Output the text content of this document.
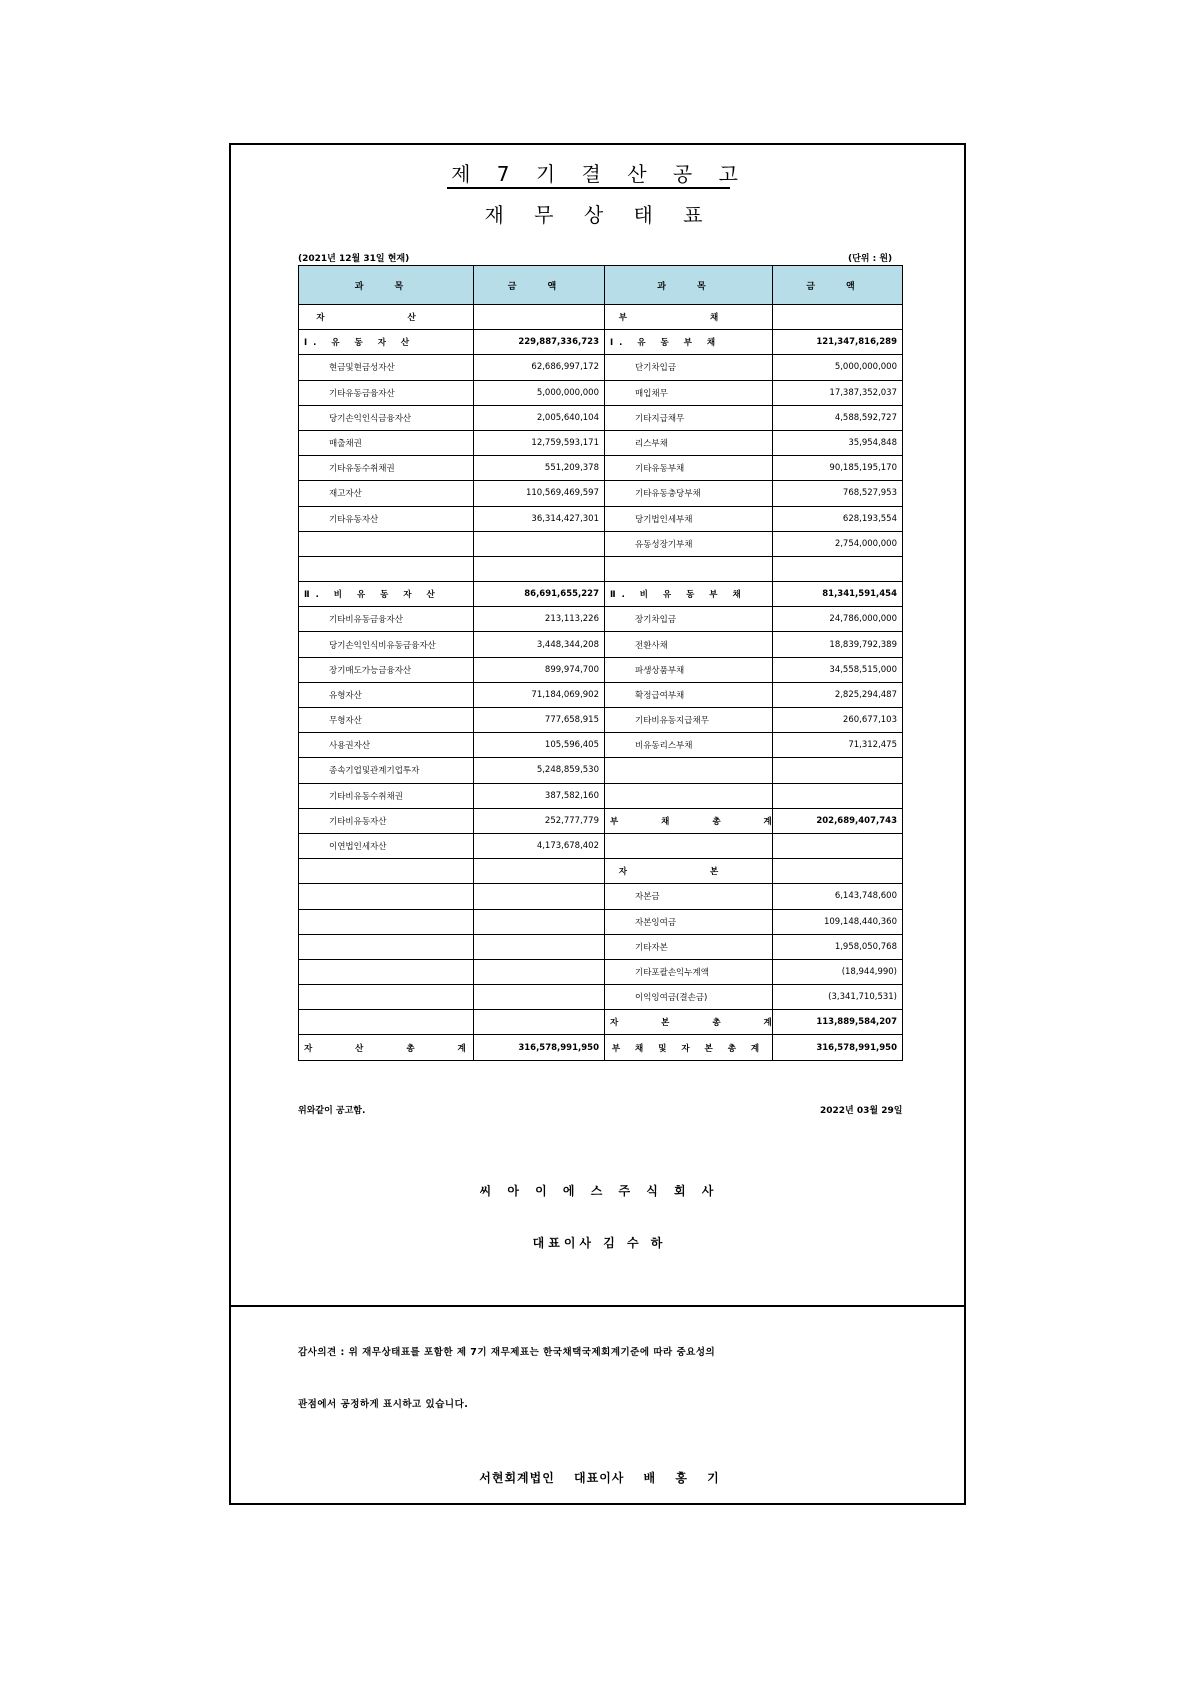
제 7 기 결 산 공 고
재 무 상 태 표
(2021년 12월 31일 현재)	(단위 : 원)
과 목	금 액	과 목	금 액
자 산		부 채	
Ⅰ. 유 동 자 산	229,887,336,723	Ⅰ. 유 동 부 채	121,347,816,289
현금및현금성자산	62,686,997,172	단기차입금	5,000,000,000
기타유동금융자산	5,000,000,000	매입채무	17,387,352,037
당기손익인식금융자산	2,005,640,104	기타지급채무	4,588,592,727
매출채권	12,759,593,171	리스부채	35,954,848
기타유동수취채권	551,209,378	기타유동부채	90,185,195,170
재고자산	110,569,469,597	기타유동충당부채	768,527,953
기타유동자산	36,314,427,301	당기법인세부채	628,193,554
		유동성장기부채	2,754,000,000

Ⅱ. 비 유 동 자 산	86,691,655,227	Ⅱ. 비 유 동 부 채	81,341,591,454
기타비유동금융자산	213,113,226	장기차입금	24,786,000,000
당기손익인식비유동금융자산	3,448,344,208	전환사채	18,839,792,389
장기매도가능금융자산	899,974,700	파생상품부채	34,558,515,000
유형자산	71,184,069,902	확정급여부채	2,825,294,487
무형자산	777,658,915	기타비유동지급채무	260,677,103
사용권자산	105,596,405	비유동리스부채	71,312,475
종속기업및관계기업투자	5,248,859,530		
기타비유동수취채권	387,582,160		
기타비유동자산	252,777,779	부 채 총 계	202,689,407,743
이연법인세자산	4,173,678,402		
		자 본	
		자본금	6,143,748,600
		자본잉여금	109,148,440,360
		기타자본	1,958,050,768
		기타포괄손익누계액	(18,944,990)
		이익잉여금(결손금)	(3,341,710,531)
		자 본 총 계	113,889,584,207
자 산 총 계	316,578,991,950	부 채 및 자 본 총 계	316,578,991,950
위와같이 공고함.	2022년 03월 29일
씨 아 이 에 스 주 식 회 사
대표이사 김 수 하
감사의견 : 위 재무상태표를 포함한 제 7기 재무제표는 한국채택국제회계기준에 따라 중요성의
관점에서 공정하게 표시하고 있습니다.
서현회계법인 대표이사 배 홍 기
